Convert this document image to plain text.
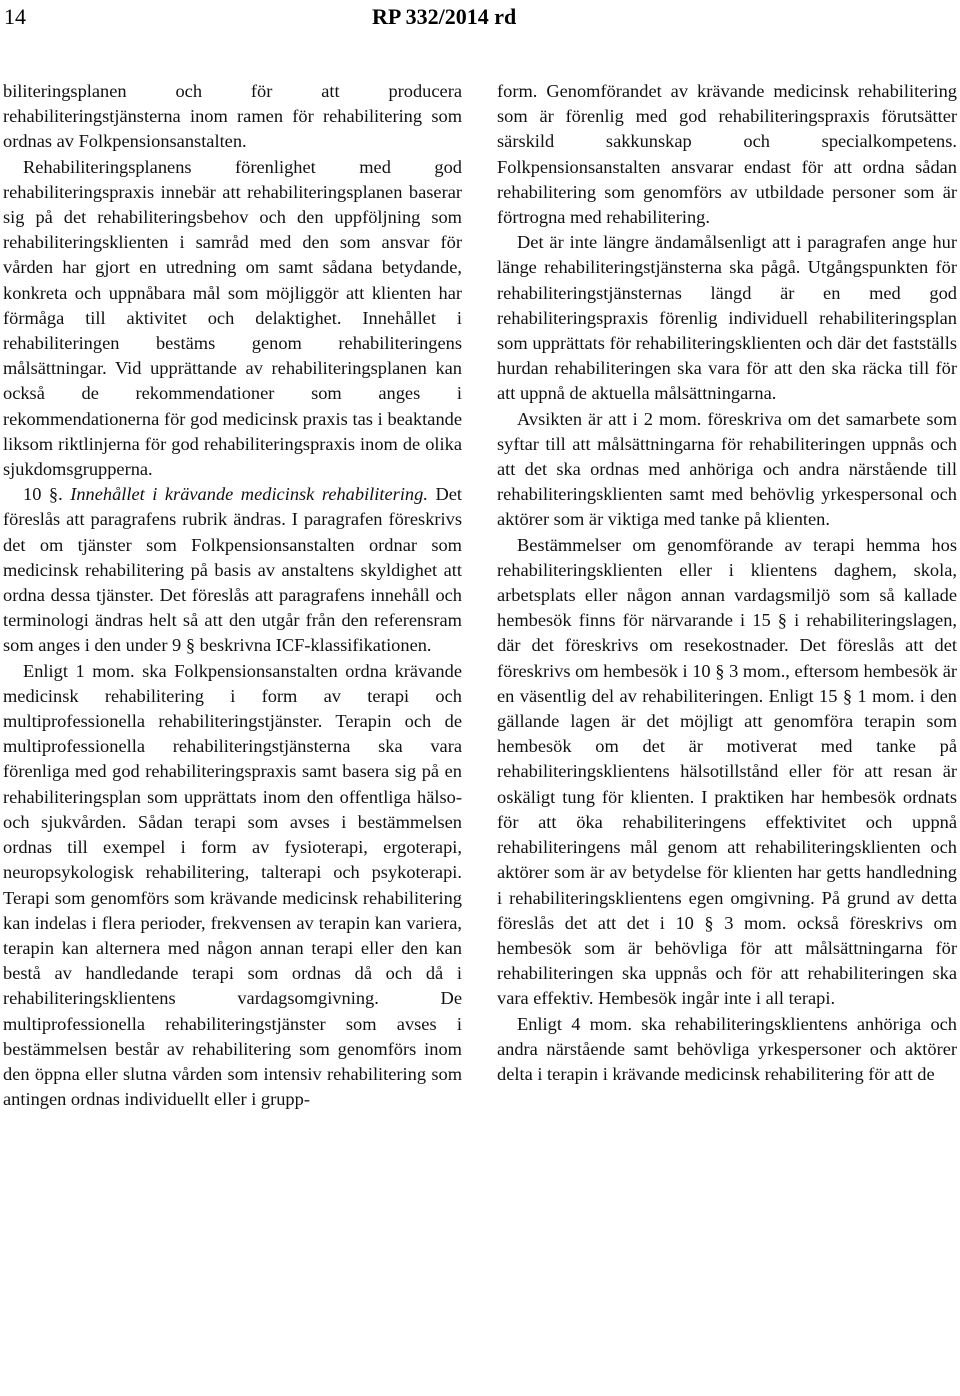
14	RP 332/2014 rd

biliteringsplanen och för att producera rehabiliteringstjänsterna inom ramen för rehabilitering som ordnas av Folkpensionsanstalten.

Rehabiliteringsplanens förenlighet med god rehabiliteringspraxis innebär att rehabiliteringsplanen baserar sig på det rehabiliteringsbehov och den uppföljning som rehabiliteringsklienten i samråd med den som ansvar för vården har gjort en utredning om samt sådana betydande, konkreta och uppnåbara mål som möjliggör att klienten har förmåga till aktivitet och delaktighet. Innehållet i rehabiliteringen bestäms genom rehabiliteringens målsättningar. Vid upprättande av rehabiliteringsplanen kan också de rekommendationer som anges i rekommendationerna för god medicinsk praxis tas i beaktande liksom riktlinjerna för god rehabiliteringspraxis inom de olika sjukdomsgrupperna.

10 §. Innehållet i krävande medicinsk rehabilitering. Det föreslås att paragrafens rubrik ändras. I paragrafen föreskrivs det om tjänster som Folkpensionsanstalten ordnar som medicinsk rehabilitering på basis av anstaltens skyldighet att ordna dessa tjänster. Det föreslås att paragrafens innehåll och terminologi ändras helt så att den utgår från den referensram som anges i den under 9 § beskrivna ICF-klassifikationen.

Enligt 1 mom. ska Folkpensionsanstalten ordna krävande medicinsk rehabilitering i form av terapi och multiprofessionella rehabiliteringstjänster. Terapin och de multiprofessionella rehabiliteringstjänsterna ska vara förenliga med god rehabiliteringspraxis samt basera sig på en rehabiliteringsplan som upprättats inom den offentliga hälso- och sjukvården. Sådan terapi som avses i bestämmelsen ordnas till exempel i form av fysioterapi, ergoterapi, neuropsykologisk rehabilitering, talterapi och psykoterapi. Terapi som genomförs som krävande medicinsk rehabilitering kan indelas i flera perioder, frekvensen av terapin kan variera, terapin kan alternera med någon annan terapi eller den kan bestå av handledande terapi som ordnas då och då i rehabiliteringsklientens vardagsomgivning. De multiprofessionella rehabiliteringstjänster som avses i bestämmelsen består av rehabilitering som genomförs inom den öppna eller slutna vården som intensiv rehabilitering som antingen ordnas individuellt eller i grupp-

form. Genomförandet av krävande medicinsk rehabilitering som är förenlig med god rehabiliteringspraxis förutsätter särskild sakkunskap och specialkompetens. Folkpensionsanstalten ansvarar endast för att ordna sådan rehabilitering som genomförs av utbildade personer som är förtrogna med rehabilitering.

Det är inte längre ändamålsenligt att i paragrafen ange hur länge rehabiliteringstjänsterna ska pågå. Utgångspunkten för rehabiliteringstjänsternas längd är en med god rehabiliteringspraxis förenlig individuell rehabiliteringsplan som upprättats för rehabiliteringsklienten och där det fastställs hurdan rehabiliteringen ska vara för att den ska räcka till för att uppnå de aktuella målsättningarna.

Avsikten är att i 2 mom. föreskriva om det samarbete som syftar till att målsättningarna för rehabiliteringen uppnås och att det ska ordnas med anhöriga och andra närstående till rehabiliteringsklienten samt med behövlig yrkespersonal och aktörer som är viktiga med tanke på klienten.

Bestämmelser om genomförande av terapi hemma hos rehabiliteringsklienten eller i klientens daghem, skola, arbetsplats eller någon annan vardagsmiljö som så kallade hembesök finns för närvarande i 15 § i rehabiliteringslagen, där det föreskrivs om resekostnader. Det föreslås att det föreskrivs om hembesök i 10 § 3 mom., eftersom hembesök är en väsentlig del av rehabiliteringen. Enligt 15 § 1 mom. i den gällande lagen är det möjligt att genomföra terapin som hembesök om det är motiverat med tanke på rehabiliteringsklientens hälsotillstånd eller för att resan är oskäligt tung för klienten. I praktiken har hembesök ordnats för att öka rehabiliteringens effektivitet och uppnå rehabiliteringens mål genom att rehabiliteringsklienten och aktörer som är av betydelse för klienten har getts handledning i rehabiliteringsklientens egen omgivning. På grund av detta föreslås det att det i 10 § 3 mom. också föreskrivs om hembesök som är behövliga för att målsättningarna för rehabiliteringen ska uppnås och för att rehabiliteringen ska vara effektiv. Hembesök ingår inte i all terapi.

Enligt 4 mom. ska rehabiliteringsklientens anhöriga och andra närstående samt behövliga yrkespersoner och aktörer delta i terapin i krävande medicinsk rehabilitering för att de
